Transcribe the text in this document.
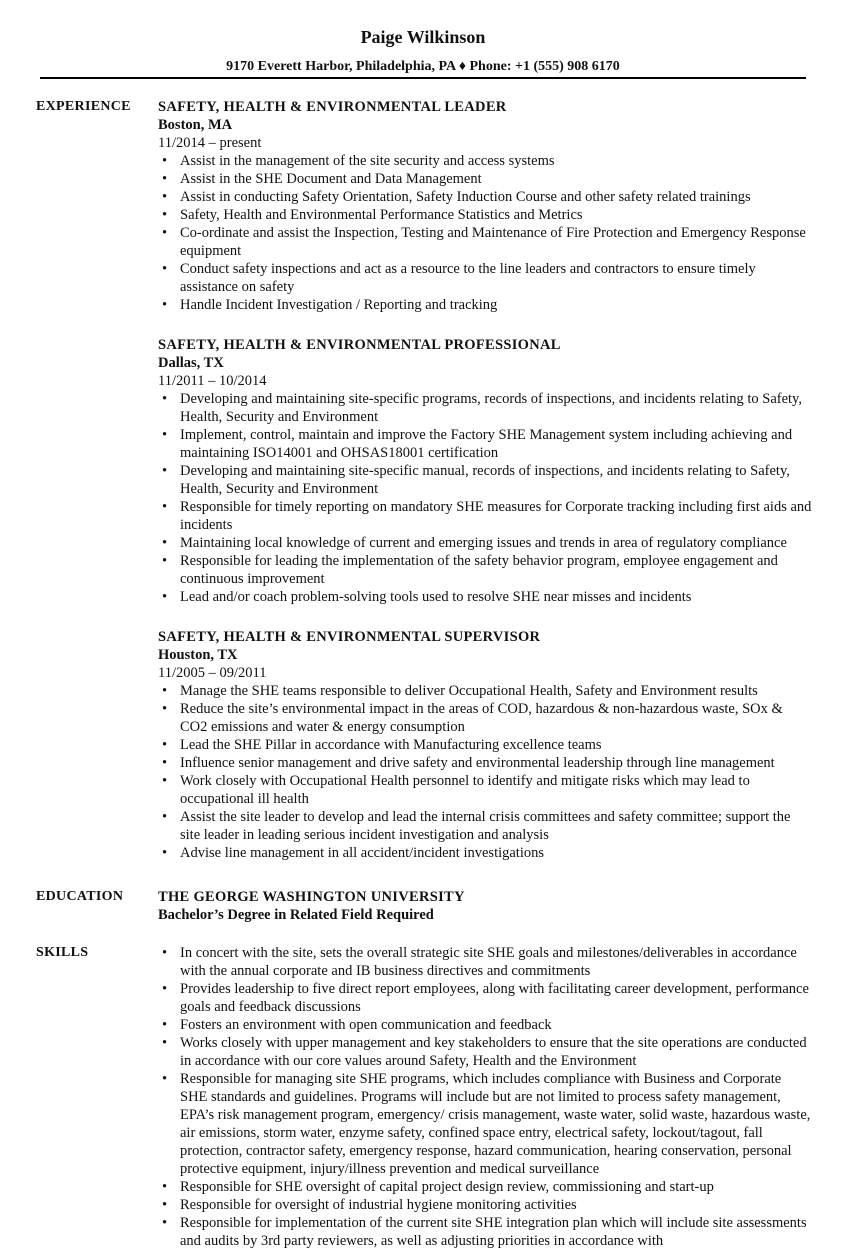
Paige Wilkinson
9170 Everett Harbor, Philadelphia, PA ♦ Phone: +1 (555) 908 6170
EXPERIENCE SAFETY, HEALTH & ENVIRONMENTAL LEADER
Boston, MA
11/2014 – present
• Assist in the management of the site security and access systems
• Assist in the SHE Document and Data Management
• Assist in conducting Safety Orientation, Safety Induction Course and other safety related trainings
• Safety, Health and Environmental Performance Statistics and Metrics
• Co-ordinate and assist the Inspection, Testing and Maintenance of Fire Protection and Emergency Response equipment
• Conduct safety inspections and act as a resource to the line leaders and contractors to ensure timely assistance on safety
• Handle Incident Investigation / Reporting and tracking
SAFETY, HEALTH & ENVIRONMENTAL PROFESSIONAL
Dallas, TX
11/2011 – 10/2014
• Developing and maintaining site-specific programs, records of inspections, and incidents relating to Safety, Health, Security and Environment
• Implement, control, maintain and improve the Factory SHE Management system including achieving and maintaining ISO14001 and OHSAS18001 certification
• Developing and maintaining site-specific manual, records of inspections, and incidents relating to Safety, Health, Security and Environment
• Responsible for timely reporting on mandatory SHE measures for Corporate tracking including first aids and incidents
• Maintaining local knowledge of current and emerging issues and trends in area of regulatory compliance
• Responsible for leading the implementation of the safety behavior program, employee engagement and continuous improvement
• Lead and/or coach problem-solving tools used to resolve SHE near misses and incidents
SAFETY, HEALTH & ENVIRONMENTAL SUPERVISOR
Houston, TX
11/2005 – 09/2011
• Manage the SHE teams responsible to deliver Occupational Health, Safety and Environment results
• Reduce the site’s environmental impact in the areas of COD, hazardous & non-hazardous waste, SOx & CO2 emissions and water & energy consumption
• Lead the SHE Pillar in accordance with Manufacturing excellence teams
• Influence senior management and drive safety and environmental leadership through line management
• Work closely with Occupational Health personnel to identify and mitigate risks which may lead to occupational ill health
• Assist the site leader to develop and lead the internal crisis committees and safety committee; support the site leader in leading serious incident investigation and analysis
• Advise line management in all accident/incident investigations
EDUCATION THE GEORGE WASHINGTON UNIVERSITY
Bachelor’s Degree in Related Field Required
SKILLS
•	In concert with the site, sets the overall strategic site SHE goals and milestones/deliverables in accordance with the annual corporate and IB business directives and commitments
• Provides leadership to five direct report employees, along with facilitating career development, performance goals and feedback discussions
• Fosters an environment with open communication and feedback
• Works closely with upper management and key stakeholders to ensure that the site operations are conducted in accordance with our core values around Safety, Health and the Environment
• Responsible for managing site SHE programs, which includes compliance with Business and Corporate SHE standards and guidelines. Programs will include but are not limited to process safety management, EPA’s risk management program, emergency/ crisis management, waste water, solid waste, hazardous waste, air emissions, storm water, enzyme safety, confined space entry, electrical safety, lockout/tagout, fall protection, contractor safety, emergency response, hazard communication, hearing conservation, personal protective equipment, injury/illness prevention and medical surveillance
• Responsible for SHE oversight of capital project design review, commissioning and start-up
• Responsible for oversight of industrial hygiene monitoring activities
• Responsible for implementation of the current site SHE integration plan which will include site assessments and audits by 3rd party reviewers, as well as adjusting priorities in accordance with
